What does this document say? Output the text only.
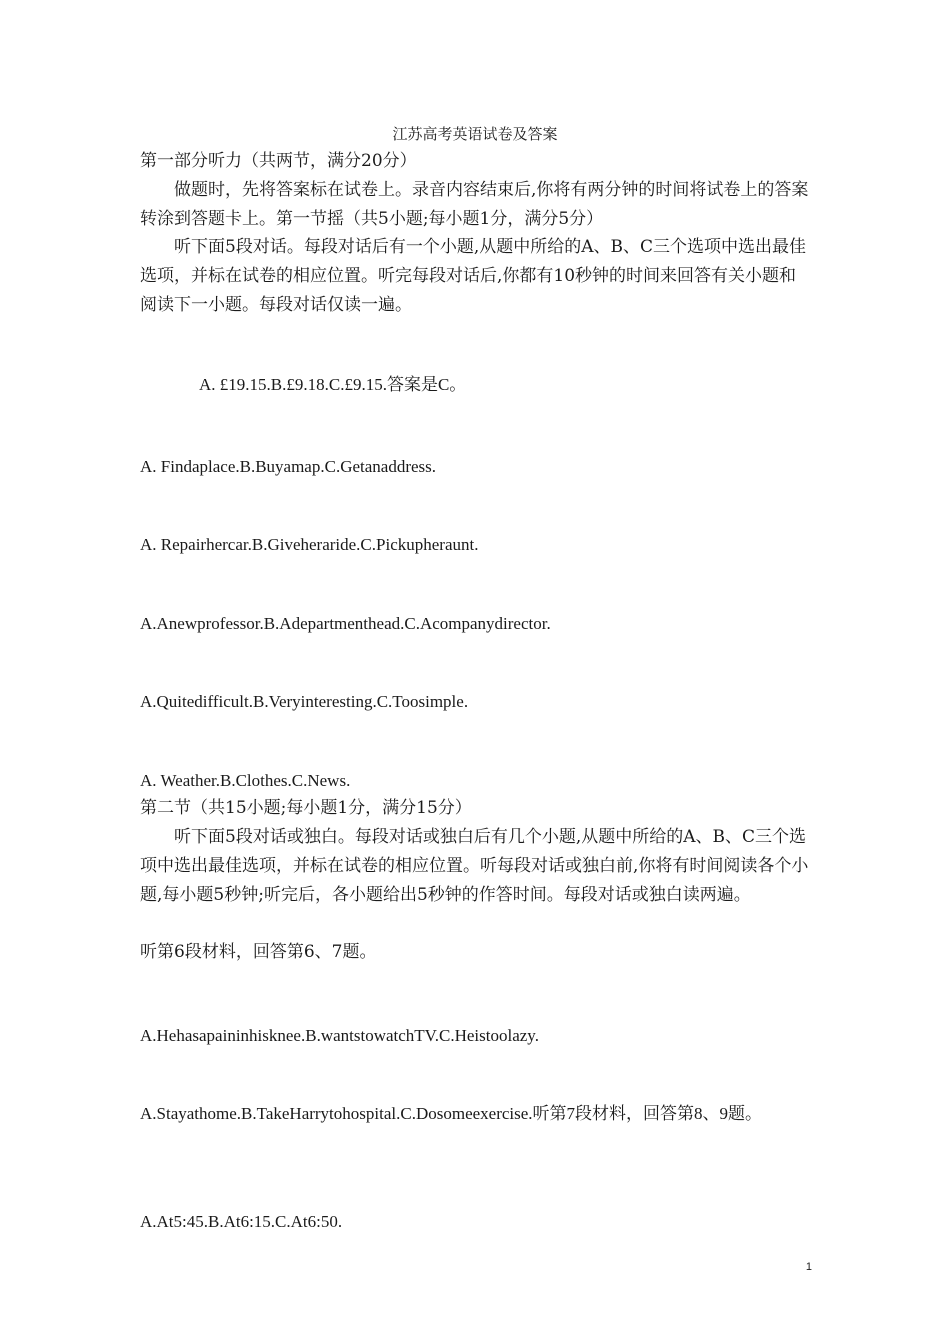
江苏高考英语试卷及答案
第一部分听力（共两节，满分20分）
做题时，先将答案标在试卷上。录音内容结束后,你将有两分钟的时间将试卷上的答案转涂到答题卡上。第一节摇（共5小题;每小题1分，满分5分）
听下面5段对话。每段对话后有一个小题,从题中所给的A、B、C三个选项中选出最佳选项，并标在试卷的相应位置。听完每段对话后,你都有10秒钟的时间来回答有关小题和阅读下一小题。每段对话仅读一遍。
A. £19.15.B.£9.18.C.£9.15.答案是C。
A. Findaplace.B.Buyamap.C.Getanaddress.
A. Repairhercar.B.Giveheraride.C.Pickupheraunt.
A.Anewprofessor.B.Adepartmenthead.C.Acompanydirector.
A.Quitedifficult.B.Veryinteresting.C.Toosimple.
A. Weather.B.Clothes.C.News.
第二节（共15小题;每小题1分，满分15分）
听下面5段对话或独白。每段对话或独白后有几个小题,从题中所给的A、B、C三个选项中选出最佳选项，并标在试卷的相应位置。听每段对话或独白前,你将有时间阅读各个小题,每小题5秒钟;听完后，各小题给出5秒钟的作答时间。每段对话或独白读两遍。
听第6段材料，回答第6、7题。
A.Hehasapaininhisknee.B.wantstowatchTV.C.Heistoolazy.
A.Stayathome.B.TakeHarrytohospital.C.Dosomeexercise.听第7段材料，回答第8、9题。
A.At5:45.B.At6:15.C.At6:50.
1
